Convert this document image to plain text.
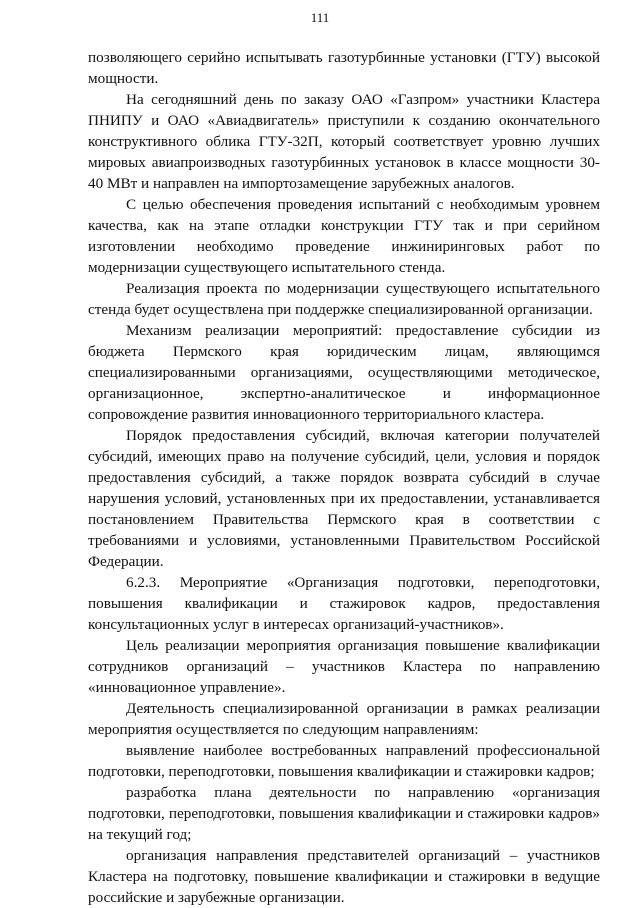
111

позволяющего серийно испытывать газотурбинные установки (ГТУ) высокой мощности.

На сегодняшний день по заказу ОАО «Газпром» участники Кластера ПНИПУ и ОАО «Авиадвигатель» приступили к созданию окончательного конструктивного облика ГТУ-32П, который соответствует уровню лучших мировых авиапроизводных газотурбинных установок в классе мощности 30-40 МВт и направлен на импортозамещение зарубежных аналогов.

С целью обеспечения проведения испытаний с необходимым уровнем качества, как на этапе отладки конструкции ГТУ так и при серийном изготовлении необходимо проведение инжиниринговых работ по модернизации существующего испытательного стенда.

Реализация проекта по модернизации существующего испытательного стенда будет осуществлена при поддержке специализированной организации.

Механизм реализации мероприятий: предоставление субсидии из бюджета Пермского края юридическим лицам, являющимся специализированными организациями, осуществляющими методическое, организационное, экспертно-аналитическое и информационное сопровождение развития инновационного территориального кластера.

Порядок предоставления субсидий, включая категории получателей субсидий, имеющих право на получение субсидий, цели, условия и порядок предоставления субсидий, а также порядок возврата субсидий в случае нарушения условий, установленных при их предоставлении, устанавливается постановлением Правительства Пермского края в соответствии с требованиями и условиями, установленными Правительством Российской Федерации.

6.2.3. Мероприятие «Организация подготовки, переподготовки, повышения квалификации и стажировок кадров, предоставления консультационных услуг в интересах организаций-участников».

Цель реализации мероприятия организация повышение квалификации сотрудников организаций – участников Кластера по направлению «инновационное управление».

Деятельность специализированной организации в рамках реализации мероприятия осуществляется по следующим направлениям:

выявление наиболее востребованных направлений профессиональной подготовки, переподготовки, повышения квалификации и стажировки кадров;

разработка плана деятельности по направлению «организация подготовки, переподготовки, повышения квалификации и стажировки кадров» на текущий год;

организация направления представителей организаций – участников Кластера на подготовку, повышение квалификации и стажировки в ведущие российские и зарубежные организации.
